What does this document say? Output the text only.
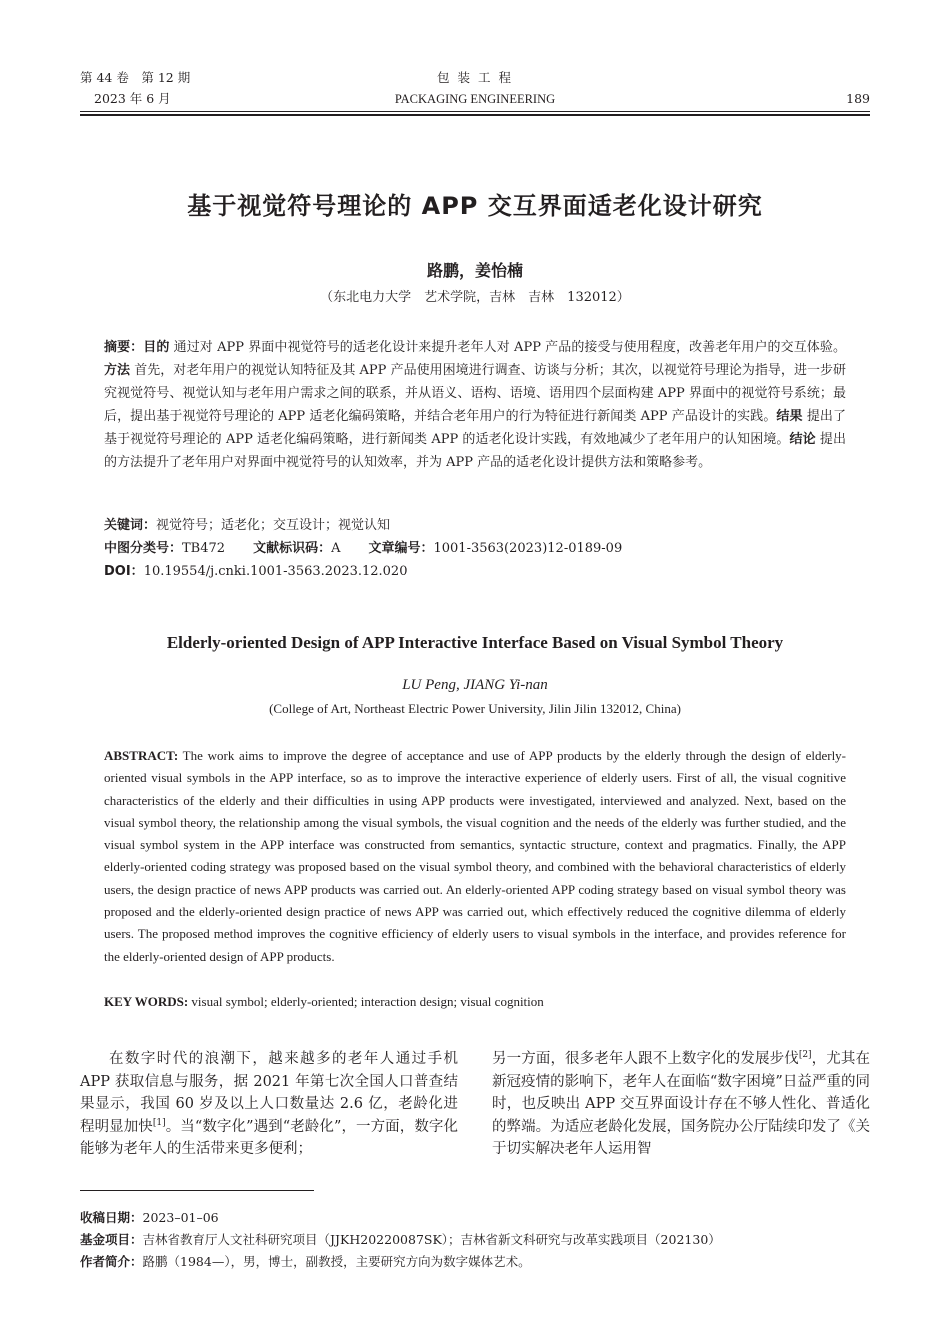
第 44 卷　第 12 期
2023 年 6 月
包 装 工 程
PACKAGING ENGINEERING	189
基于视觉符号理论的 APP 交互界面适老化设计研究
路鹏，姜怡楠
（东北电力大学　艺术学院，吉林　吉林　132012）
摘要：目的 通过对 APP 界面中视觉符号的适老化设计来提升老年人对 APP 产品的接受与使用程度，改善老年用户的交互体验。方法 首先，对老年用户的视觉认知特征及其 APP 产品使用困境进行调查、访谈与分析；其次，以视觉符号理论为指导，进一步研究视觉符号、视觉认知与老年用户需求之间的联系，并从语义、语构、语境、语用四个层面构建 APP 界面中的视觉符号系统；最后，提出基于视觉符号理论的 APP 适老化编码策略，并结合老年用户的行为特征进行新闻类 APP 产品设计的实践。结果 提出了基于视觉符号理论的 APP 适老化编码策略，进行新闻类 APP 的适老化设计实践，有效地减少了老年用户的认知困境。结论 提出的方法提升了老年用户对界面中视觉符号的认知效率，并为 APP 产品的适老化设计提供方法和策略参考。
关键词：视觉符号；适老化；交互设计；视觉认知
中图分类号：TB472 文献标识码：A 文章编号：1001-3563(2023)12-0189-09
DOI：10.19554/j.cnki.1001-3563.2023.12.020
Elderly-oriented Design of APP Interactive Interface Based on Visual Symbol Theory
LU Peng, JIANG Yi-nan
(College of Art, Northeast Electric Power University, Jilin Jilin 132012, China)
ABSTRACT: The work aims to improve the degree of acceptance and use of APP products by the elderly through the design of elderly-oriented visual symbols in the APP interface, so as to improve the interactive experience of elderly users. First of all, the visual cognitive characteristics of the elderly and their difficulties in using APP products were investigated, interviewed and analyzed. Next, based on the visual symbol theory, the relationship among the visual symbols, the visual cognition and the needs of the elderly was further studied, and the visual symbol system in the APP interface was constructed from semantics, syntactic structure, context and pragmatics. Finally, the APP elderly-oriented coding strategy was proposed based on the visual symbol theory, and combined with the behavioral characteristics of elderly users, the design practice of news APP products was carried out. An elderly-oriented APP coding strategy based on visual symbol theory was proposed and the elderly-oriented design practice of news APP was carried out, which effectively reduced the cognitive dilemma of elderly users. The proposed method improves the cognitive efficiency of elderly users to visual symbols in the interface, and provides reference for the elderly-oriented design of APP products.
KEY WORDS: visual symbol; elderly-oriented; interaction design; visual cognition
在数字时代的浪潮下，越来越多的老年人通过手机 APP 获取信息与服务，据 2021 年第七次全国人口普查结果显示，我国 60 岁及以上人口数量达 2.6 亿，老龄化进程明显加快[1]。当“数字化”遇到“老龄化”，一方面，数字化能够为老年人的生活带来更多便利；
另一方面，很多老年人跟不上数字化的发展步伐[2]，尤其在新冠疫情的影响下，老年人在面临“数字困境”日益严重的同时，也反映出 APP 交互界面设计存在不够人性化、普适化的弊端。为适应老龄化发展，国务院办公厅陆续印发了《关于切实解决老年人运用智
收稿日期：2023–01–06
基金项目：吉林省教育厅人文社科研究项目（JJKH20220087SK）；吉林省新文科研究与改革实践项目（202130）
作者简介：路鹏（1984—），男，博士，副教授，主要研究方向为数字媒体艺术。
